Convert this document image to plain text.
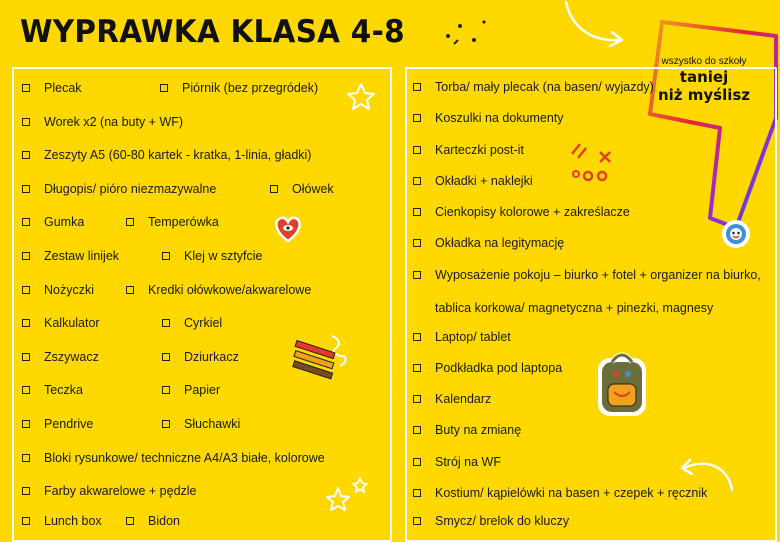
WYPRAWKA KLASA 4-8
wszystko do szkoły
taniej
niż myślisz
Plecak	Piórnik (bez przegródek)
Worek x2 (na buty + WF)
Zeszyty A5 (60-80 kartek - kratka, 1-linia, gładki)
Długopis/ pióro niezmazywalne	Ołówek
Gumka	Temperówka
Zestaw linijek	Klej w sztyfcie
Nożyczki	Kredki ołówkowe/akwarelowe
Kalkulator	Cyrkiel
Zszywacz	Dziurkacz
Teczka	Papier
Pendrive	Słuchawki
Bloki rysunkowe/ techniczne A4/A3 białe, kolorowe
Farby akwarelowe + pędzle
Lunch box	Bidon
Torba/ mały plecak (na basen/ wyjazdy)
Koszulki na dokumenty
Karteczki post-it
Okładki + naklejki
Cienkopisy kolorowe + zakreślacze
Okładka na legitymację
Wyposażenie pokoju – biurko + fotel + organizer na biurko,
Laptop/ tablet
Podkładka pod laptopa
Kalendarz
Buty na zmianę
Strój na WF
Kostium/ kąpielówki na basen + czepek + ręcznik
Smycz/ brelok do kluczy
tablica korkowa/ magnetyczna + pinezki, magnesy
